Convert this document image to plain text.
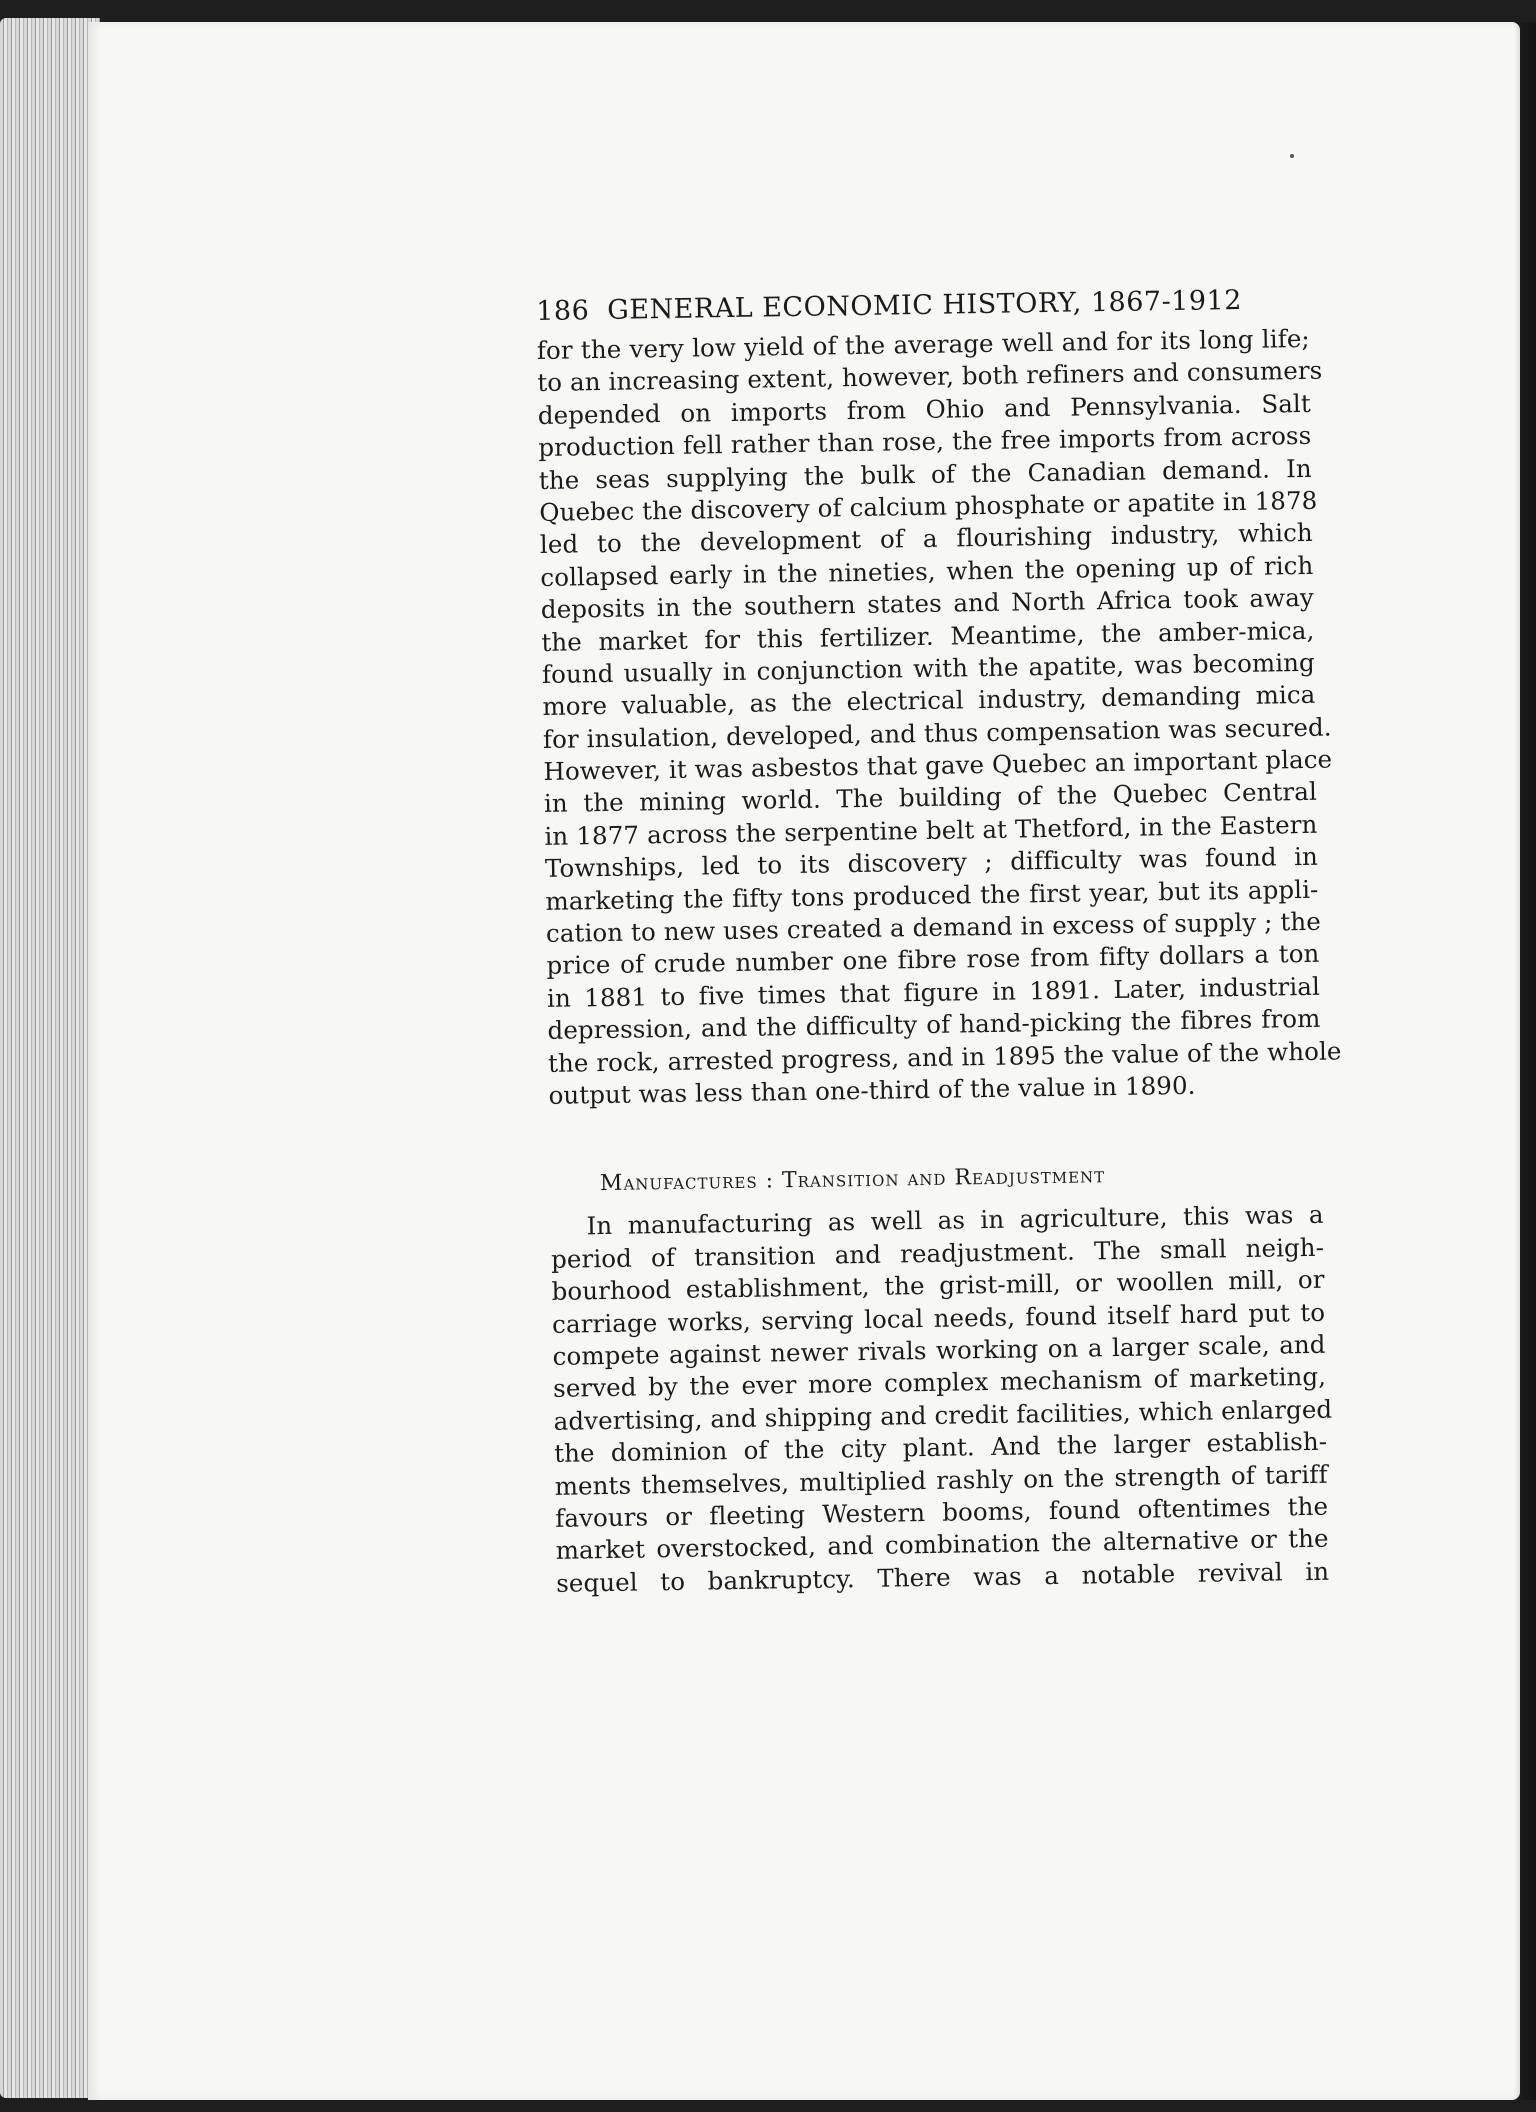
186 GENERAL ECONOMIC HISTORY, 1867-1912
for the very low yield of the average well and for its long life;
to an increasing extent, however, both refiners and consumers
depended on imports from Ohio and Pennsylvania. Salt
production fell rather than rose, the free imports from across
the seas supplying the bulk of the Canadian demand. In
Quebec the discovery of calcium phosphate or apatite in 1878
led to the development of a flourishing industry, which
collapsed early in the nineties, when the opening up of rich
deposits in the southern states and North Africa took away
the market for this fertilizer. Meantime, the amber-mica,
found usually in conjunction with the apatite, was becoming
more valuable, as the electrical industry, demanding mica
for insulation, developed, and thus compensation was secured.
However, it was asbestos that gave Quebec an important place
in the mining world. The building of the Quebec Central
in 1877 across the serpentine belt at Thetford, in the Eastern
Townships, led to its discovery ; difficulty was found in
marketing the fifty tons produced the first year, but its appli-
cation to new uses created a demand in excess of supply ; the
price of crude number one fibre rose from fifty dollars a ton
in 1881 to five times that figure in 1891. Later, industrial
depression, and the difficulty of hand-picking the fibres from
the rock, arrested progress, and in 1895 the value of the whole
output was less than one-third of the value in 1890.
Manufactures : Transition and Readjustment
In manufacturing as well as in agriculture, this was a
period of transition and readjustment. The small neigh-
bourhood establishment, the grist-mill, or woollen mill, or
carriage works, serving local needs, found itself hard put to
compete against newer rivals working on a larger scale, and
served by the ever more complex mechanism of marketing,
advertising, and shipping and credit facilities, which enlarged
the dominion of the city plant. And the larger establish-
ments themselves, multiplied rashly on the strength of tariff
favours or fleeting Western booms, found oftentimes the
market overstocked, and combination the alternative or the
sequel to bankruptcy. There was a notable revival in
